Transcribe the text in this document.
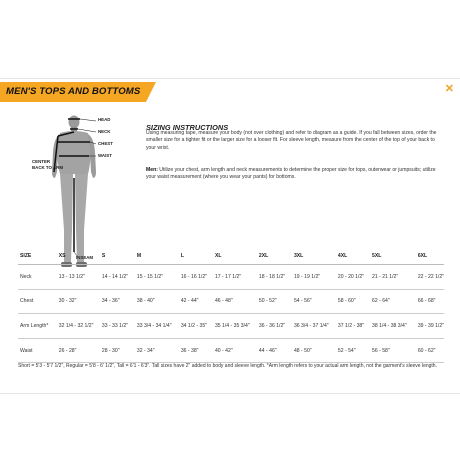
MEN'S TOPS AND BOTTOMS	✕
HEAD
NECK
CHEST
WAIST
CENTER
BACK TO ARM
INSEAM
SIZING INSTRUCTIONS

Using measuring tape, measure your body (not over clothing) and refer to diagram as a guide. If you fall between sizes, order the smaller size for a tighter fit or the larger size for a looser fit. For sleeve length, measure from the center of the top of your back to your wrist.

Men: Utilize your chest, arm length and neck measurements to determine the proper size for tops, outerwear or jumpsuits; utilize your waist measurement (where you wear your pants) for bottoms.

SIZE	XS	S	M	L	XL	2XL	3XL	4XL	5XL	6XL
Neck	13 - 13 1/2"	14 - 14 1/2"	15 - 15 1/2"	16 - 16 1/2"	17 - 17 1/2"	18 - 18 1/2"	19 - 19 1/2"	20 - 20 1/2"	21 - 21 1/2"	22 - 22 1/2"
Chest	30 - 32"	34 - 36"	38 - 40"	42 - 44"	46 - 48"	50 - 52"	54 - 56"	58 - 60"	62 - 64"	66 - 68"
Arm Length*	32 1/4 - 32 1/2"	33 - 33 1/2"	33 3/4 - 34 1/4"	34 1/2 - 35"	35 1/4 - 35 3/4"	36 - 36 1/2"	36 3/4 - 37 1/4"	37 1/2 - 38"	38 1/4 - 38 3/4"	39 - 39 1/2"
Waist	26 - 28"	28 - 30"	32 - 34"	36 - 38"	40 - 42"	44 - 46"	48 - 50"	52 - 54"	56 - 58"	60 - 62"

Short = 5'3 - 5'7 1/2", Regular = 5'8 - 6' 1/2", Tall = 6'1 - 6'3". Tall sizes have 2" added to body and sleeve length. *Arm length refers to your actual arm length, not the garment's sleeve length.
